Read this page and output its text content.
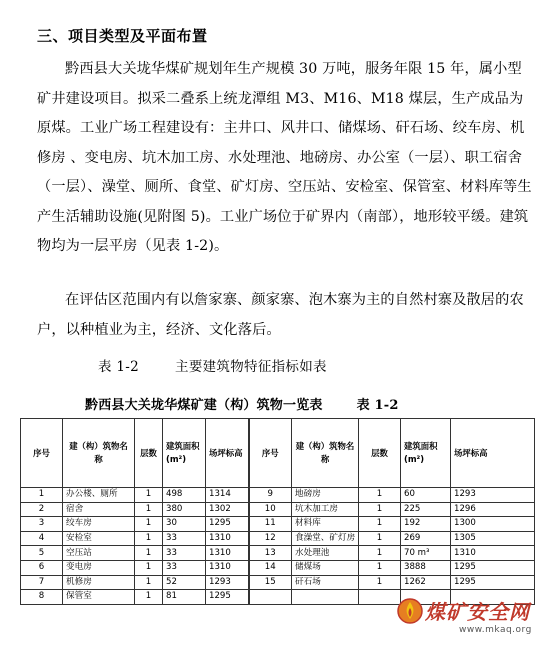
三、项目类型及平面布置
黔西县大关垅华煤矿规划年生产规模 30 万吨，服务年限 15 年，属小型矿井建设项目。拟采二叠系上统龙潭组 M3、M16、M18 煤层，生产成品为原煤。工业广场工程建设有：主井口、风井口、储煤场、矸石场、绞车房、机修房 、变电房、坑木加工房、水处理池、地磅房、办公室（一层）、职工宿舍（一层）、澡堂、厕所、食堂、矿灯房、空压站、安检室、保管室、材料库等生产生活辅助设施(见附图 5)。工业广场位于矿界内（南部），地形较平缓。建筑物均为一层平房（见表 1-2)。
在评估区范围内有以詹家寨、颜家寨、泡木寨为主的自然村寨及散居的农户，以种植业为主，经济、文化落后。
表 1-2	主要建筑物特征指标如表
黔西县大关垅华煤矿建（构）筑物一览表	表 1-2
序号	建（构）筑物名称	层数	建筑面积(m²)	场坪标高	序号	建（构）筑物名称	层数	建筑面积(m²)	场坪标高
1	办公楼、厕所	1	498	1314	9	地磅房	1	60	1293
2	宿舍	1	380	1302	10	坑木加工房	1	225	1296
3	绞车房	1	30	1295	11	材料库	1	192	1300
4	安检室	1	33	1310	12	食澡堂、矿灯房	1	269	1305
5	空压站	1	33	1310	13	水处理池	1	70 m³	1310
6	变电房	1	33	1310	14	储煤场	1	3888	1295
7	机修房	1	52	1293	15	矸石场	1	1262	1295
8	保管室	1	81	1295					
煤矿安全网
www.mkaq.org
